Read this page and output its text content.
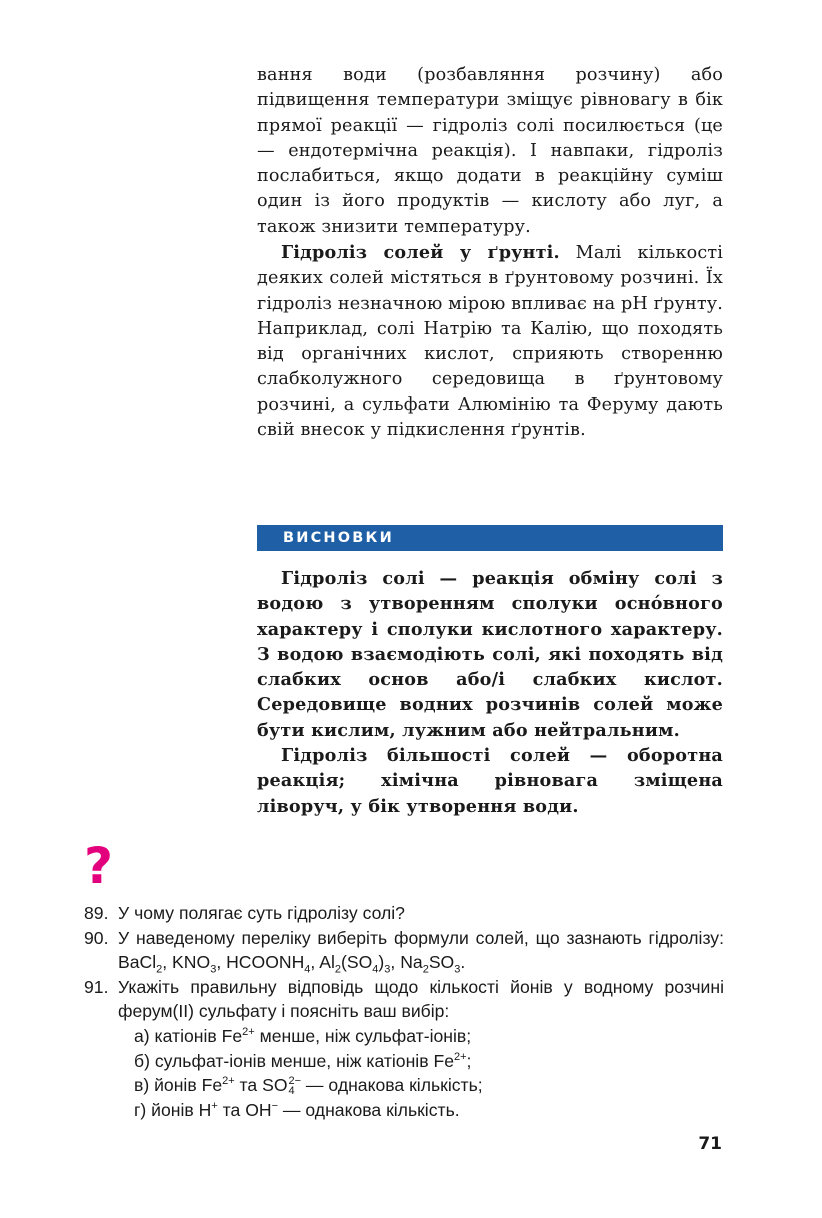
вання води (розбавляння розчину) або підвищення температури зміщує рівновагу в бік прямої реакції — гідроліз солі посилюється (це — ендотермічна реакція). І навпаки, гідроліз послабиться, якщо додати в реакційну суміш один із його продуктів — кислоту або луг, а також знизити температуру.

Гідроліз солей у ґрунті. Малі кількості деяких солей містяться в ґрунтовому розчині. Їх гідроліз незначною мірою впливає на рН ґрунту. Наприклад, солі Натрію та Калію, що походять від органічних кислот, сприяють створенню слабколужного середовища в ґрунтовому розчині, а сульфати Алюмінію та Феруму дають свій внесок у підкислення ґрунтів.

ВИСНОВКИ

Гідроліз солі — реакція обміну солі з водою з утворенням сполуки оснóвного характеру і сполуки кислотного характеру. З водою взаємодіють солі, які походять від слабких основ або/і слабких кислот. Середовище водних розчинів солей може бути кислим, лужним або нейтральним.

Гідроліз більшості солей — оборотна реакція; хімічна рівновага зміщена ліворуч, у бік утворення води.

?
89. У чому полягає суть гідролізу солі?
90. У наведеному переліку виберіть формули солей, що зазнають гідролізу: BaCl$_2$, $KNO_3$, $HCOONH_4$, $Al_2(SO_4)_3$, $Na_2SO_3$.
91. Укажіть правильну відповідь щодо кількості йонів у водному розчині ферум(ІІ) сульфату і поясніть ваш вибір:

а) катіонів $Fe^{2+}$ менше, ніж сульфат-іонів;

б) сульфат-іонів менше, ніж катіонів $Fe^{2+}$;

в) йонів $Fe^{2+}$ та SO 2−
4 — однакова кількість;

г) йонів H+ та OH− — однакова кількість.

71
